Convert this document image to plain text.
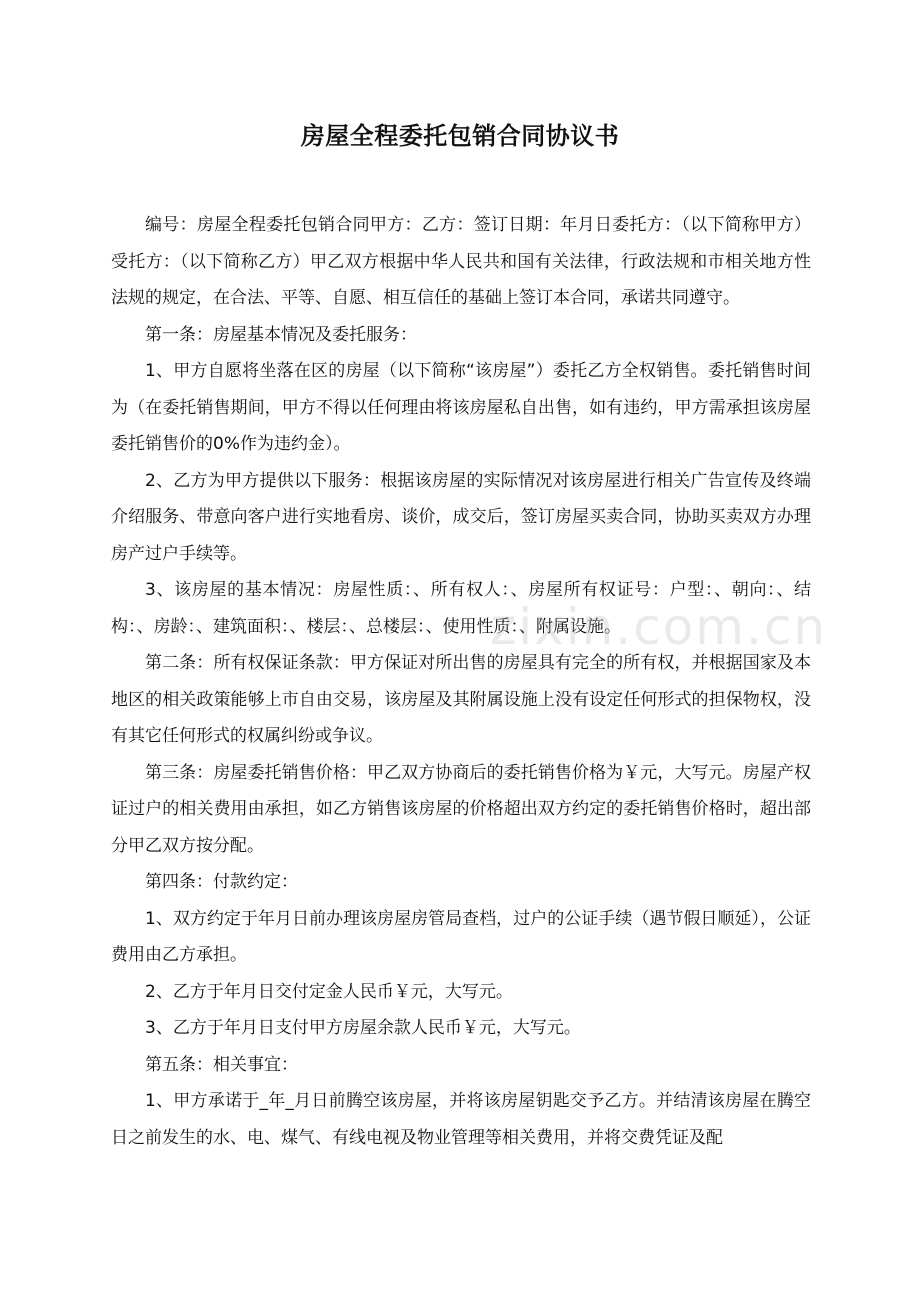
房屋全程委托包销合同协议书

编号：房屋全程委托包销合同甲方：乙方：签订日期：年月日委托方：（以下简称甲方）受托方：（以下简称乙方）甲乙双方根据中华人民共和国有关法律，行政法规和市相关地方性法规的规定，在合法、平等、自愿、相互信任的基础上签订本合同，承诺共同遵守。

第一条：房屋基本情况及委托服务：

1、甲方自愿将坐落在区的房屋（以下简称“该房屋”）委托乙方全权销售。委托销售时间为（在委托销售期间，甲方不得以任何理由将该房屋私自出售，如有违约，甲方需承担该房屋委托销售价的0%作为违约金）。

2、乙方为甲方提供以下服务：根据该房屋的实际情况对该房屋进行相关广告宣传及终端介绍服务、带意向客户进行实地看房、谈价，成交后，签订房屋买卖合同，协助买卖双方办理房产过户手续等。

3、该房屋的基本情况：房屋性质：、所有权人：、房屋所有权证号：户型：、朝向：、结构：、房龄：、建筑面积：、楼层：、总楼层：、使用性质：、附属设施。

第二条：所有权保证条款：甲方保证对所出售的房屋具有完全的所有权，并根据国家及本地区的相关政策能够上市自由交易，该房屋及其附属设施上没有设定任何形式的担保物权，没有其它任何形式的权属纠纷或争议。

第三条：房屋委托销售价格：甲乙双方协商后的委托销售价格为￥元，大写元。房屋产权证过户的相关费用由承担，如乙方销售该房屋的价格超出双方约定的委托销售价格时，超出部分甲乙双方按分配。

第四条：付款约定：

1、双方约定于年月日前办理该房屋房管局查档，过户的公证手续（遇节假日顺延），公证费用由乙方承担。

2、乙方于年月日交付定金人民币￥元，大写元。

3、乙方于年月日支付甲方房屋余款人民币￥元，大写元。

第五条：相关事宜：

1、甲方承诺于_年_月日前腾空该房屋，并将该房屋钥匙交予乙方。并结清该房屋在腾空日之前发生的水、电、煤气、有线电视及物业管理等相关费用，并将交费凭证及配

zixin.com.cn
